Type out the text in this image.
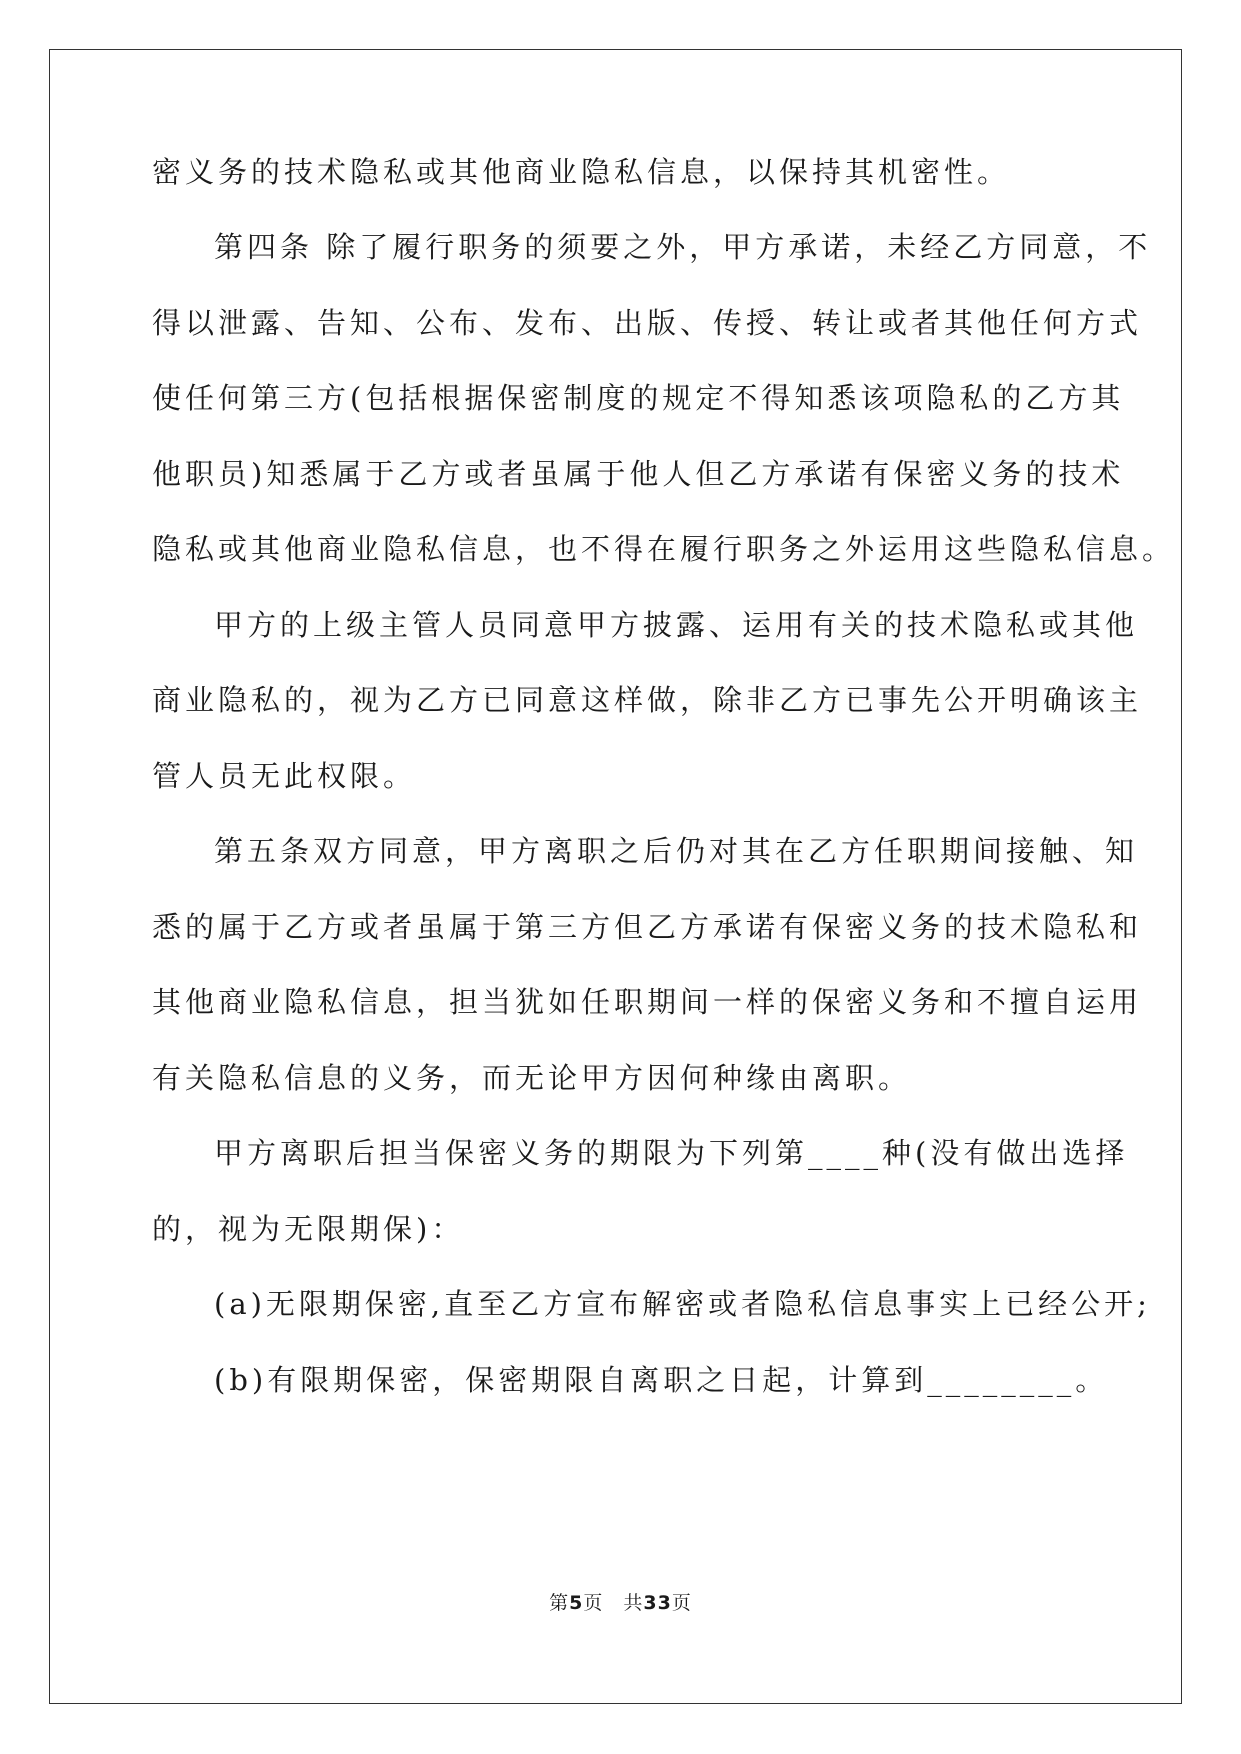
密义务的技术隐私或其他商业隐私信息，以保持其机密性。

第四条 除了履行职务的须要之外，甲方承诺，未经乙方同意，不

得以泄露、告知、公布、发布、出版、传授、转让或者其他任何方式

使任何第三方(包括根据保密制度的规定不得知悉该项隐私的乙方其

他职员)知悉属于乙方或者虽属于他人但乙方承诺有保密义务的技术

隐私或其他商业隐私信息，也不得在履行职务之外运用这些隐私信息。

甲方的上级主管人员同意甲方披露、运用有关的技术隐私或其他

商业隐私的，视为乙方已同意这样做，除非乙方已事先公开明确该主

管人员无此权限。

第五条双方同意，甲方离职之后仍对其在乙方任职期间接触、知

悉的属于乙方或者虽属于第三方但乙方承诺有保密义务的技术隐私和

其他商业隐私信息，担当犹如任职期间一样的保密义务和不擅自运用

有关隐私信息的义务，而无论甲方因何种缘由离职。

甲方离职后担当保密义务的期限为下列第____种(没有做出选择

的，视为无限期保)：

(a)无限期保密,直至乙方宣布解密或者隐私信息事实上已经公开;

(b)有限期保密，保密期限自离职之日起，计算到________。

第5页　共33页
